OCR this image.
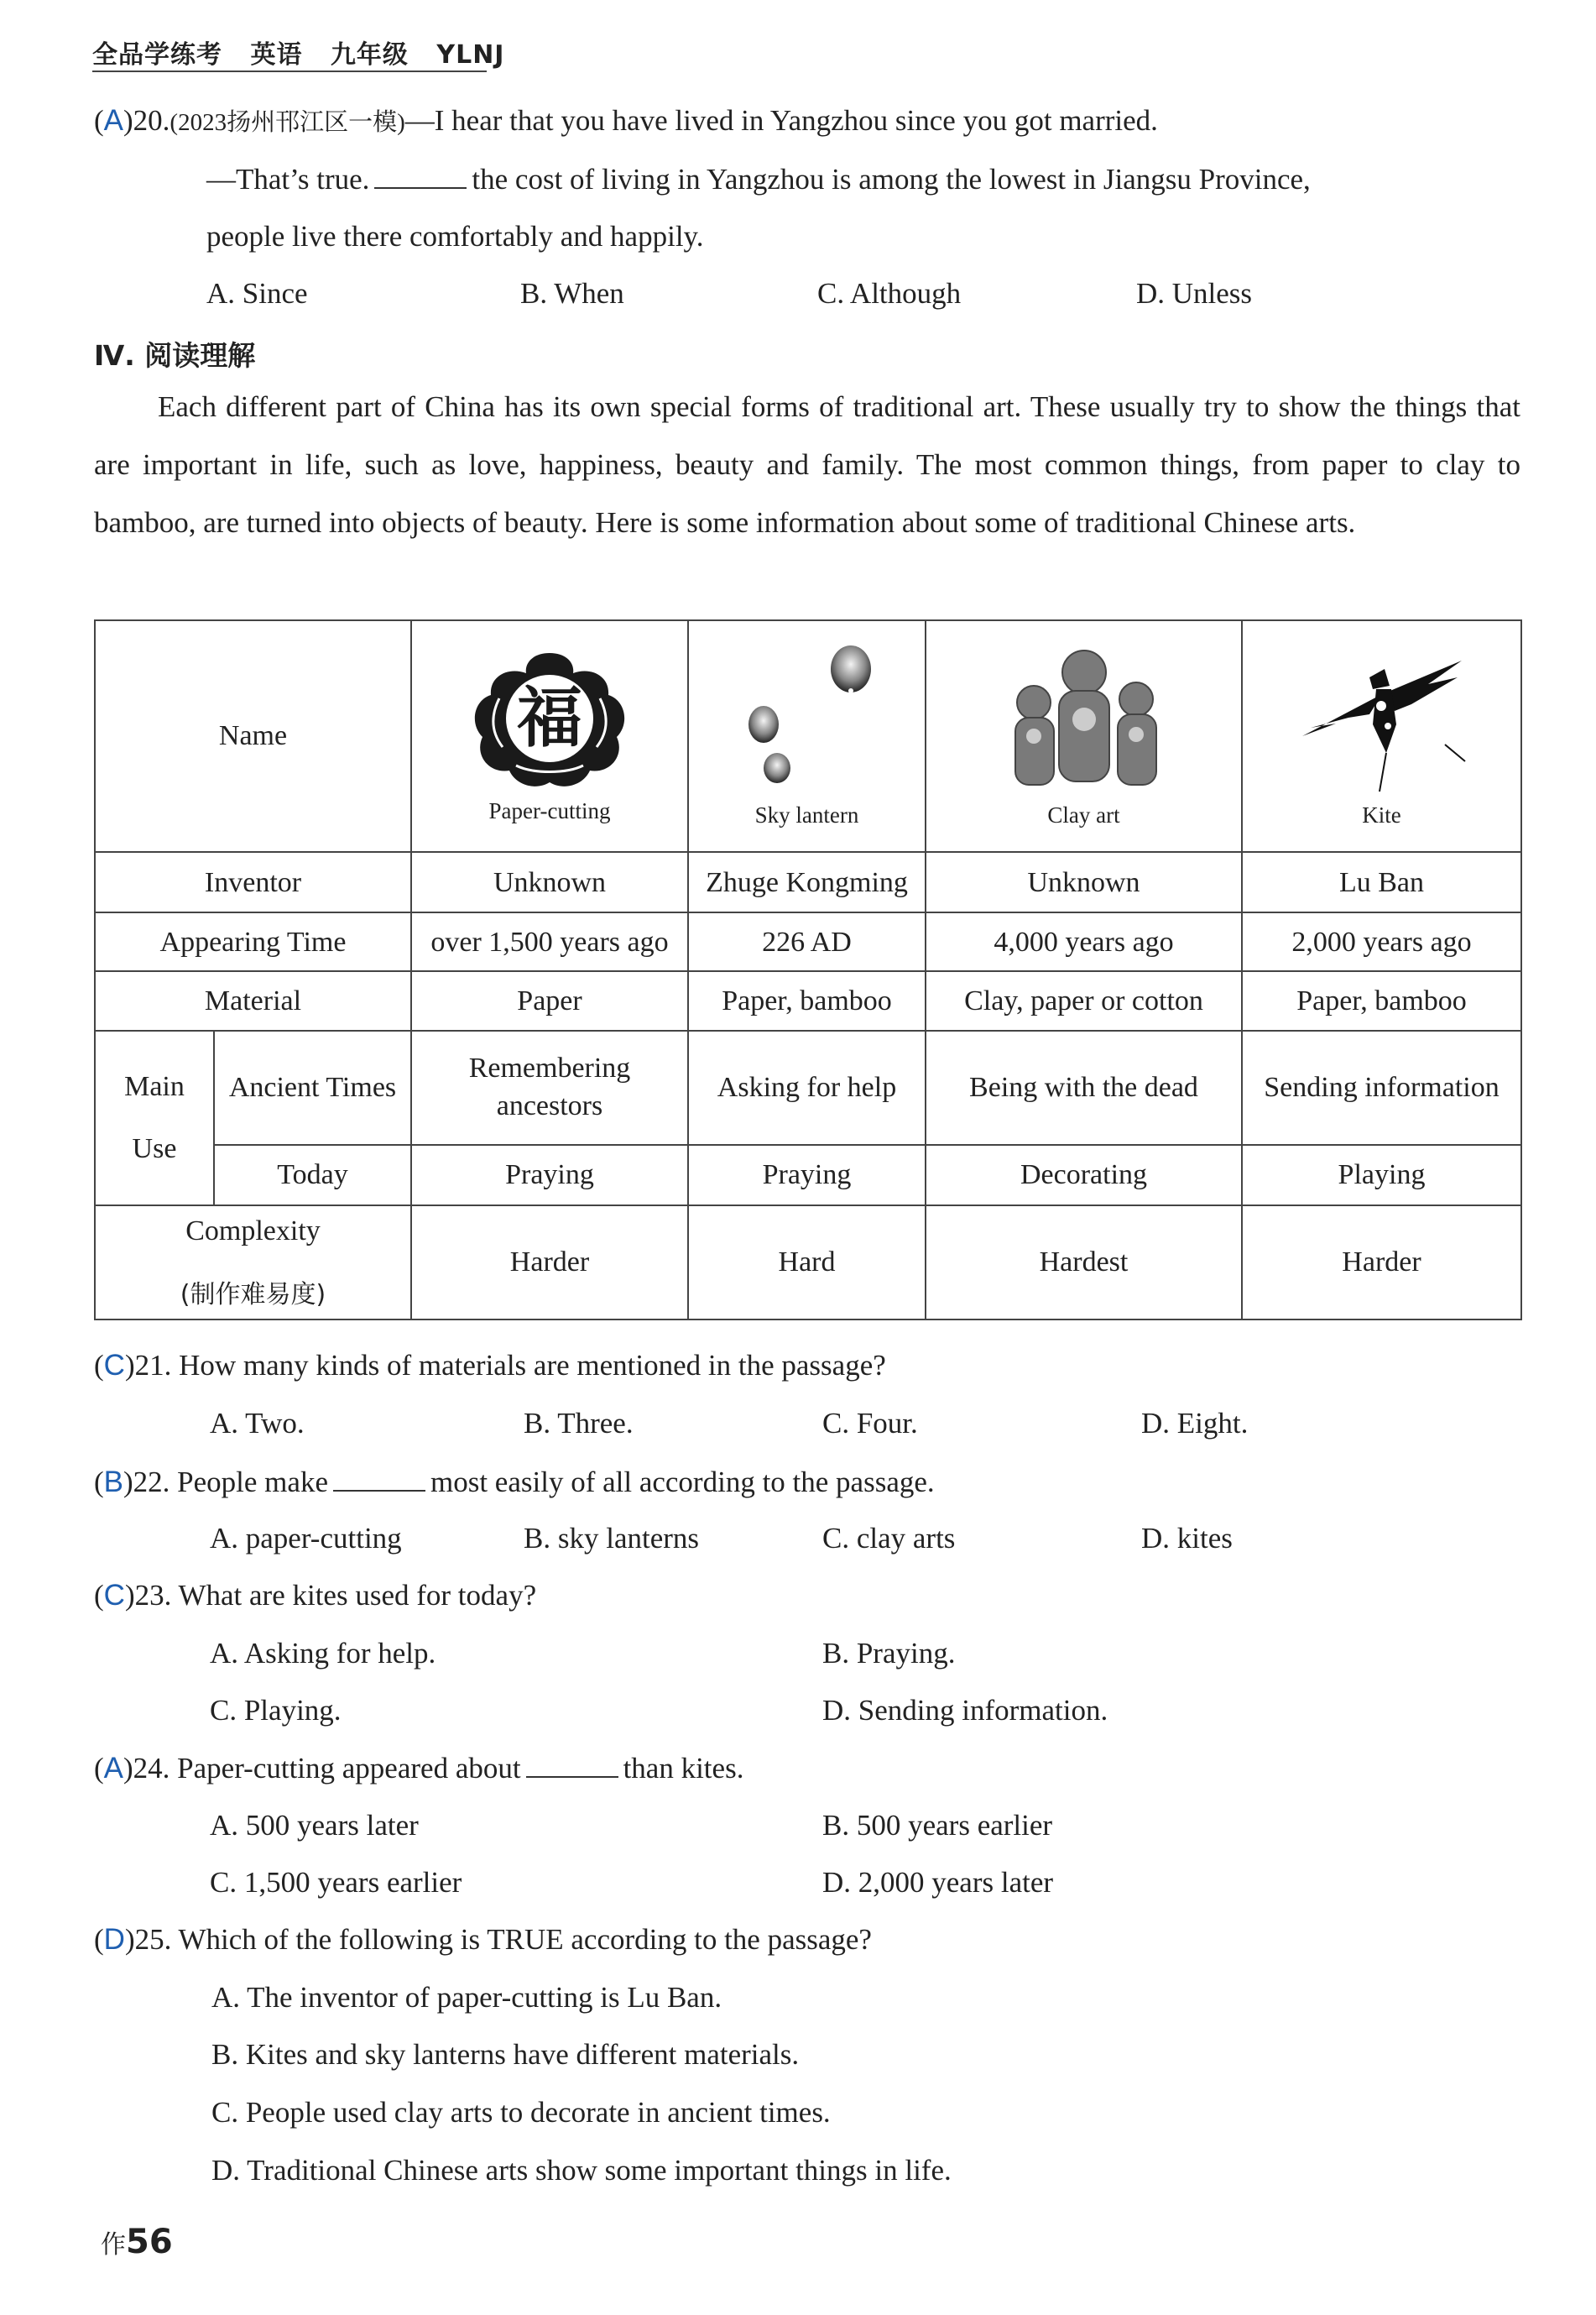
全品学练考 英语 九年级 YLNJ
(A)20.(2023扬州邗江区一模)—I hear that you have lived in Yangzhou since you got married.
—That’s true.	the cost of living in Yangzhou is among the lowest in Jiangsu Province,
people live there comfortably and happily.
A. Since	B. When	C. Although	D. Unless
Ⅳ. 阅读理解

Each different part of China has its own special forms of traditional art. These usually try to show the things that are important in life, such as love, happiness, beauty and family. The most common things, from paper to clay to bamboo, are turned into objects of beauty. Here is some information about some of traditional Chinese arts.

Name		福
Paper-cutting	Sky lantern	Clay art	Kite

Inventor		Unknown	Zhuge Kongming	Unknown	Lu Ban
Appearing Time		over 1,500 years ago	226 AD	4,000 years ago	2,000 years ago
Material		Paper	Paper, bamboo	Clay, paper or cotton	Paper, bamboo
Main

Use	Ancient Times	Remembering ancestors	Asking for help	Being with the dead	Sending information
	Today	Praying	Praying	Decorating	Playing
Complexity

(制作难易度)		Harder	Hard	Hardest	Harder
(C)21. How many kinds of materials are mentioned in the passage?
A. Two.	B. Three.	C. Four.	D. Eight.
(B)22. People make	most easily of all according to the passage.
A. paper-cutting	B. sky lanterns	C. clay arts	D. kites
(C)23. What are kites used for today?
A. Asking for help.	B. Praying.
C. Playing.	D. Sending information.
(A)24. Paper-cutting appeared about	than kites.
A. 500 years later	B. 500 years earlier
C. 1,500 years earlier	D. 2,000 years later
(D)25. Which of the following is TRUE according to the passage?
A. The inventor of paper-cutting is Lu Ban.
B. Kites and sky lanterns have different materials.
C. People used clay arts to decorate in ancient times.
D. Traditional Chinese arts show some important things in life.
作56
